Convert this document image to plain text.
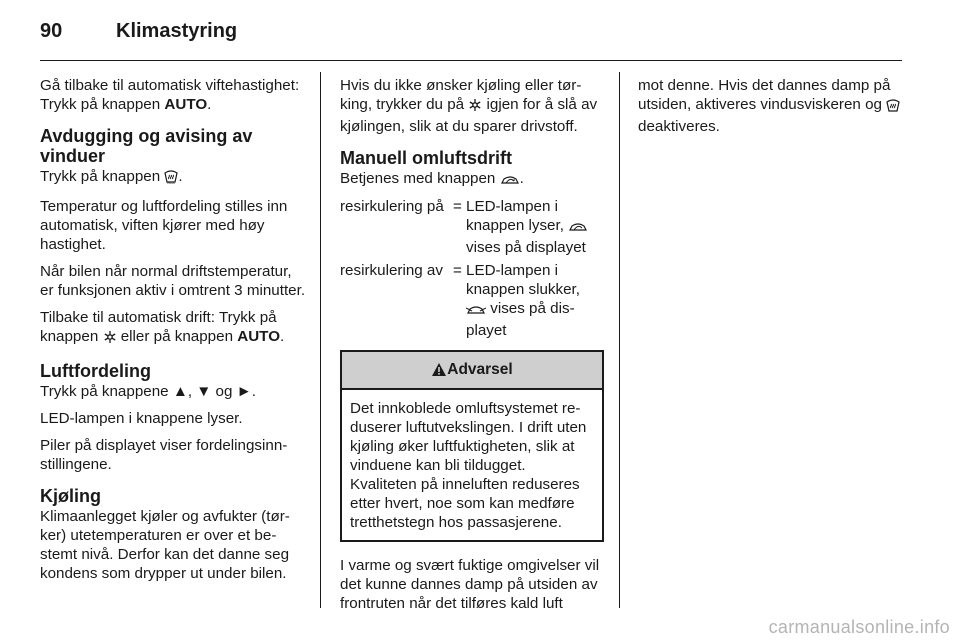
90	Klimastyring

Gå tilbake til automatisk viftehastighet: Trykk på knappen AUTO.

Avdugging og avising av vinduer

Trykk på knappen MAX .

Temperatur og luftfordeling stilles inn automatisk, viften kjører med høy hastighet.

Når bilen når normal driftstemperatur, er funksjonen aktiv i omtrent 3 minutter.

Tilbake til automatisk drift: Trykk på knappen  eller på knappen AUTO.

Luftfordeling

Trykk på knappene ▲, ▼ og ►.

LED-lampen i knappene lyser.

Piler på displayet viser fordelingsinnstillingene.

Kjøling

Klimaanlegget kjøler og avfukter (tørker) utetemperaturen er over et bestemt nivå. Derfor kan det danne seg kondens som drypper ut under bilen.

Hvis du ikke ønsker kjøling eller tørking, trykker du på  igjen for å slå av kjølingen, slik at du sparer drivstoff.

Manuell omluftsdrift

Betjenes med knappen .

resirkulering på = LED-lampen i knappen lyser,  vises på displayet
resirkulering av = LED-lampen i knappen slukker,  vises på displayet
Advarsel
Det innkoblede omluftsystemet reduserer luftutvekslingen. I drift uten kjøling øker luftfuktigheten, slik at vinduene kan bli tildugget. Kvaliteten på inneluften reduseres etter hvert, noe som kan medføre tretthetstegn hos passasjerene.

I varme og svært fuktige omgivelser vil det kunne dannes damp på utsiden av frontruten når det tilføres kald luft

mot denne. Hvis det dannes damp på utsiden, aktiveres vindusviskeren og  deaktiveres.

carmanualsonline.info
